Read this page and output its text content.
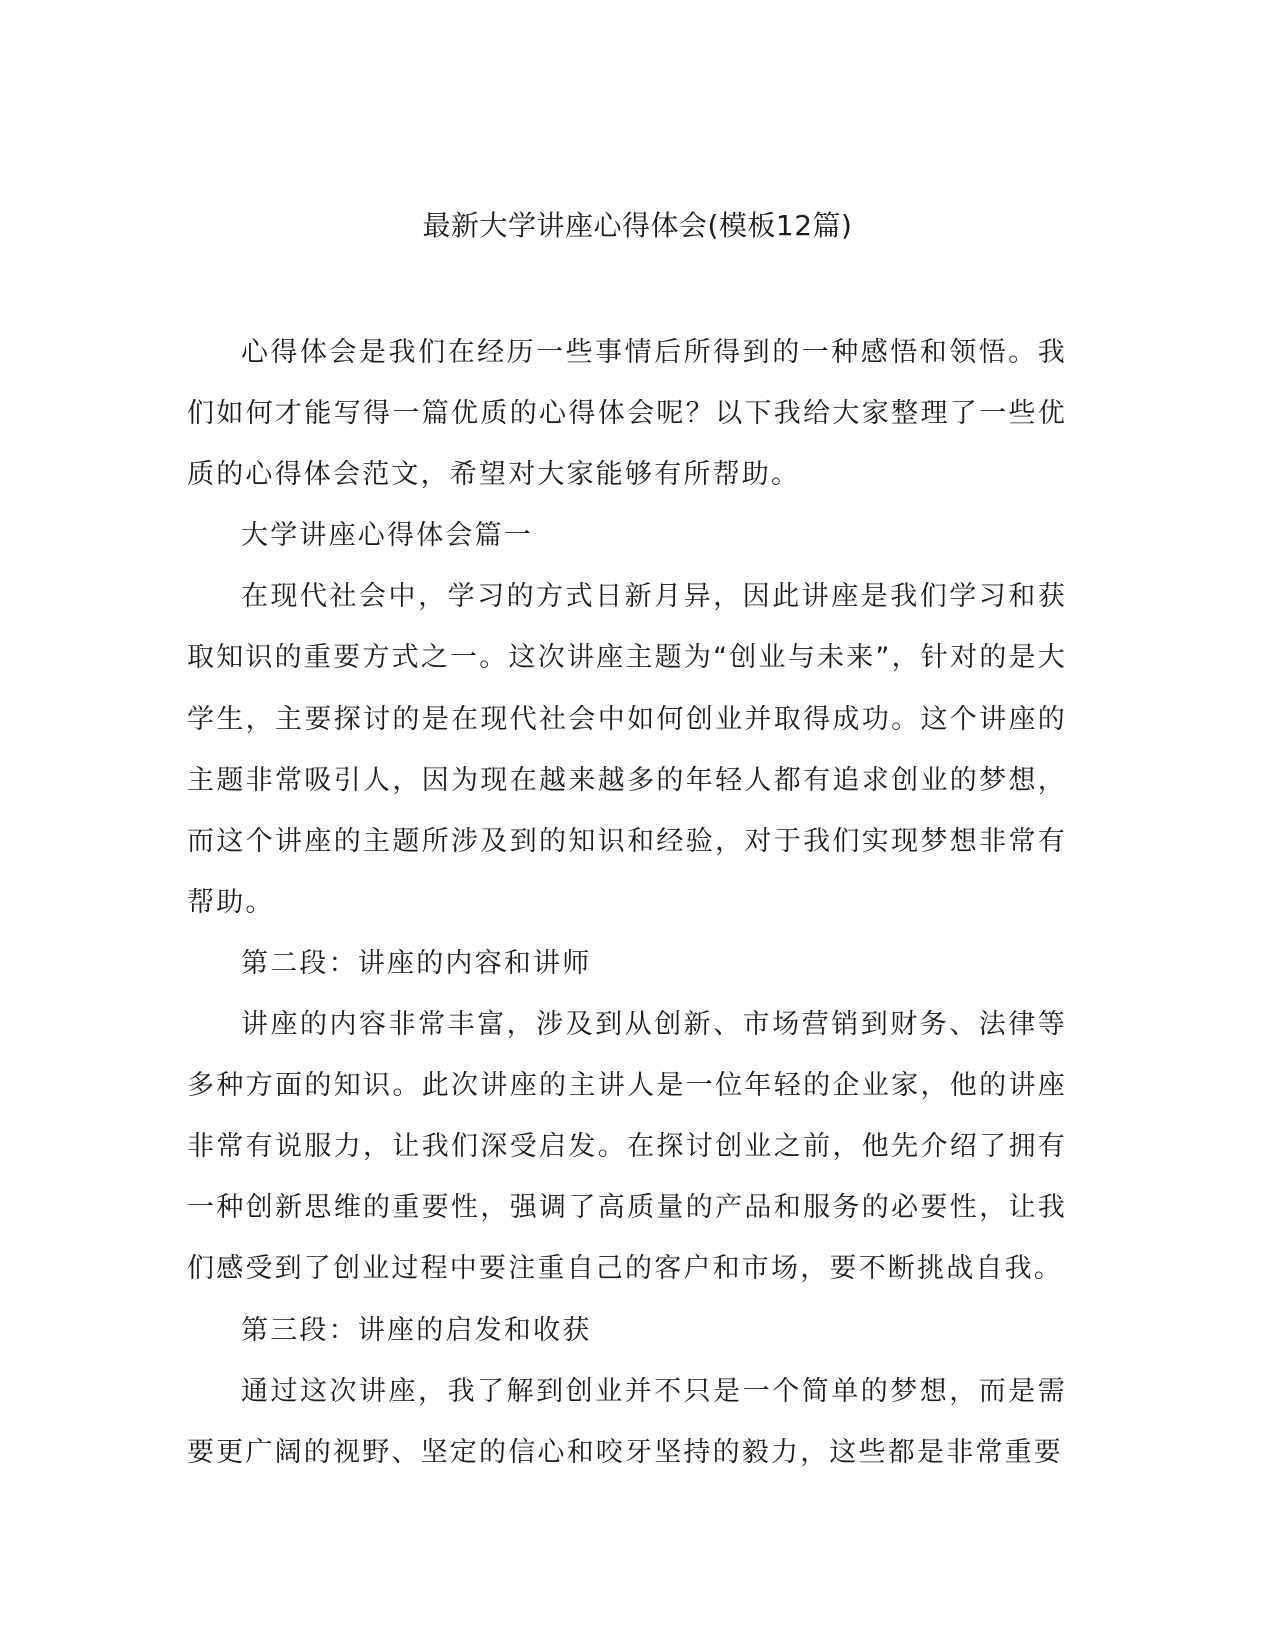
最新大学讲座心得体会(模板12篇)

心得体会是我们在经历一些事情后所得到的一种感悟和领悟。我们如何才能写得一篇优质的心得体会呢？以下我给大家整理了一些优质的心得体会范文，希望对大家能够有所帮助。

大学讲座心得体会篇一

在现代社会中，学习的方式日新月异，因此讲座是我们学习和获取知识的重要方式之一。这次讲座主题为“创业与未来”，针对的是大学生，主要探讨的是在现代社会中如何创业并取得成功。这个讲座的主题非常吸引人，因为现在越来越多的年轻人都有追求创业的梦想，而这个讲座的主题所涉及到的知识和经验，对于我们实现梦想非常有帮助。

第二段：讲座的内容和讲师

讲座的内容非常丰富，涉及到从创新、市场营销到财务、法律等多种方面的知识。此次讲座的主讲人是一位年轻的企业家，他的讲座非常有说服力，让我们深受启发。在探讨创业之前，他先介绍了拥有一种创新思维的重要性，强调了高质量的产品和服务的必要性，让我们感受到了创业过程中要注重自己的客户和市场，要不断挑战自我。

第三段：讲座的启发和收获

通过这次讲座，我了解到创业并不只是一个简单的梦想，而是需要更广阔的视野、坚定的信心和咬牙坚持的毅力，这些都是非常重要
